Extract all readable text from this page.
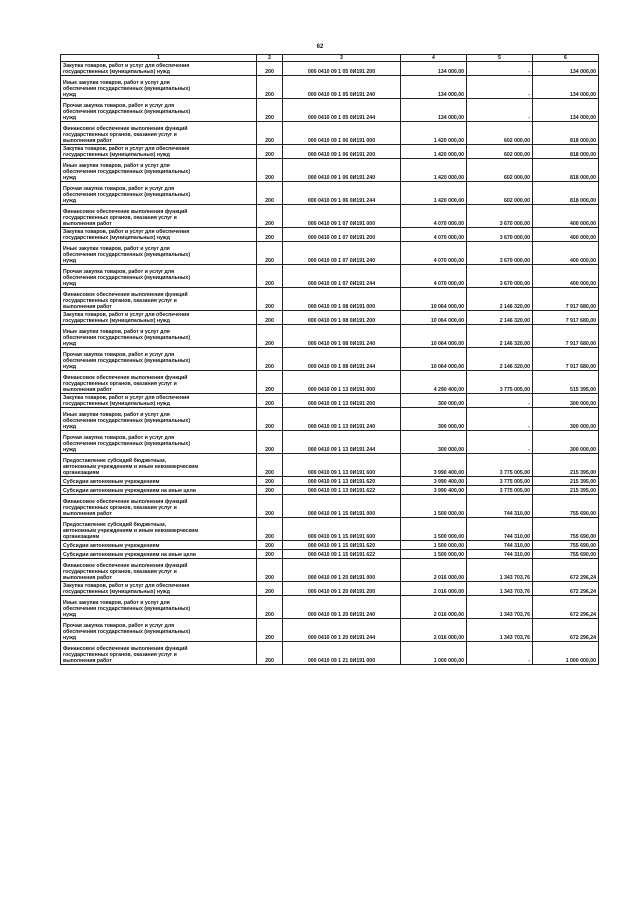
62
1	2	3	4	5	6
Закупка товаров, работ и услуг для обеспечения
государственных (муниципальных) нужд	200	000 0410 09 1 05 0И191 200	134 000,00	-	134 000,00
Иные закупки товаров, работ и услуг для
обеспечения государственных (муниципальных)
нужд	200	000 0410 09 1 05 0И191 240	134 000,00	-	134 000,00
Прочая закупка товаров, работ и услуг для
обеспечения государственных (муниципальных)
нужд	200	000 0410 09 1 05 0И191 244	134 000,00	-	134 000,00
Финансовое обеспечение выполнения функций
государственных органов, оказания услуг и
выполнения работ	200	000 0410 09 1 06 0И191 000	1 420 000,00	602 000,00	818 000,00
Закупка товаров, работ и услуг для обеспечения
государственных (муниципальных) нужд	200	000 0410 09 1 06 0И191 200	1 420 000,00	602 000,00	818 000,00
Иные закупки товаров, работ и услуг для
обеспечения государственных (муниципальных)
нужд	200	000 0410 09 1 06 0И191 240	1 420 000,00	602 000,00	818 000,00
Прочая закупка товаров, работ и услуг для
обеспечения государственных (муниципальных)
нужд	200	000 0410 09 1 06 0И191 244	1 420 000,00	602 000,00	818 000,00
Финансовое обеспечение выполнения функций
государственных органов, оказания услуг и
выполнения работ	200	000 0410 09 1 07 0И191 000	4 070 000,00	3 670 000,00	400 000,00
Закупка товаров, работ и услуг для обеспечения
государственных (муниципальных) нужд	200	000 0410 09 1 07 0И191 200	4 070 000,00	3 670 000,00	400 000,00
Иные закупки товаров, работ и услуг для
обеспечения государственных (муниципальных)
нужд	200	000 0410 09 1 07 0И191 240	4 070 000,00	3 670 000,00	400 000,00
Прочая закупка товаров, работ и услуг для
обеспечения государственных (муниципальных)
нужд	200	000 0410 09 1 07 0И191 244	4 070 000,00	3 670 000,00	400 000,00
Финансовое обеспечения выполнения функций
государственных органов, оказания услуг и
выполнения работ	200	000 0410 09 1 08 0И191 000	10 064 000,00	2 146 320,00	7 917 680,00
Закупка товаров, работ и услуг для обеспечения
государственных (муниципальных) нужд	200	000 0410 09 1 08 0И191 200	10 064 000,00	2 146 320,00	7 917 680,00
Иные закупки товаров, работ и услуг для
обеспечения государственных (муниципальных)
нужд	200	000 0410 09 1 08 0И191 240	10 064 000,00	2 146 320,00	7 917 680,00
Прочая закупка товаров, работ и услуг для
обеспечения государственных (муниципальных)
нужд	200	000 0410 09 1 08 0И191 244	10 064 000,00	2 146 320,00	7 917 680,00
Финансовое обеспечение выполнения функций
государственных органов, оказания услуг и
выполнения работ	200	000 0410 09 1 13 0И191 000	4 290 400,00	3 775 005,00	515 395,00
Закупка товаров, работ и услуг для обеспечения
государственных (муниципальных) нужд	200	000 0410 09 1 13 0И191 200	300 000,00	-	300 000,00
Иные закупки товаров, работ и услуг для
обеспечения государственных (муниципальных)
нужд	200	000 0410 09 1 13 0И191 240	300 000,00	-	300 000,00
Прочая закупка товаров, работ и услуг для
обеспечения государственных (муниципальных)
нужд	200	000 0410 09 1 13 0И191 244	300 000,00	-	300 000,00
Предоставление субсидий бюджетным,
автономным учреждениям и иным некоммерческим
организациям	200	000 0410 09 1 13 0И191 600	3 990 400,00	3 775 005,00	215 395,00
Субсидии автономным учреждениям	200	000 0410 09 1 13 0И191 620	3 990 400,00	3 775 005,00	215 395,00
Субсидии автономным учреждениям на иные цели	200	000 0410 09 1 13 0И191 622	3 990 400,00	3 775 005,00	215 395,00
Финансовое обеспечение выполнения функций
государственных органов, оказания услуг и
выполнения работ	200	000 0410 09 1 15 0И191 000	1 500 000,00	744 310,00	755 690,00
Предоставление субсидий бюджетным,
автономным учреждениям и иным некоммерческим
организациям	200	000 0410 09 1 15 0И191 600	1 500 000,00	744 310,00	755 690,00
Субсидии автономным учреждениям	200	000 0410 09 1 15 0И191 620	1 500 000,00	744 310,00	755 690,00
Субсидии автономным учреждениям на иные цели	200	000 0410 09 1 15 0И191 622	1 500 000,00	744 310,00	755 690,00
Финансовое обеспечение выполнения функций
государственных органов, оказания услуг и
выполнения работ	200	000 0410 09 1 20 0И191 000	2 016 000,00	1 343 703,76	672 296,24
Закупка товаров, работ и услуг для обеспечения
государственных (муниципальных) нужд	200	000 0410 09 1 20 0И191 200	2 016 000,00	1 343 703,76	672 296,24
Иные закупки товаров, работ и услуг для
обеспечения государственных (муниципальных)
нужд	200	000 0410 09 1 20 0И191 240	2 016 000,00	1 343 703,76	672 296,24
Прочая закупка товаров, работ и услуг для
обеспечения государственных (муниципальных)
нужд	200	000 0410 09 1 20 0И191 244	2 016 000,00	1 343 703,76	672 296,24
Финансовое обеспечение выполнения функций
государственных органов, оказания услуг и
выполнения работ	200	000 0410 09 1 21 0И191 000	1 000 000,00	-	1 000 000,00
